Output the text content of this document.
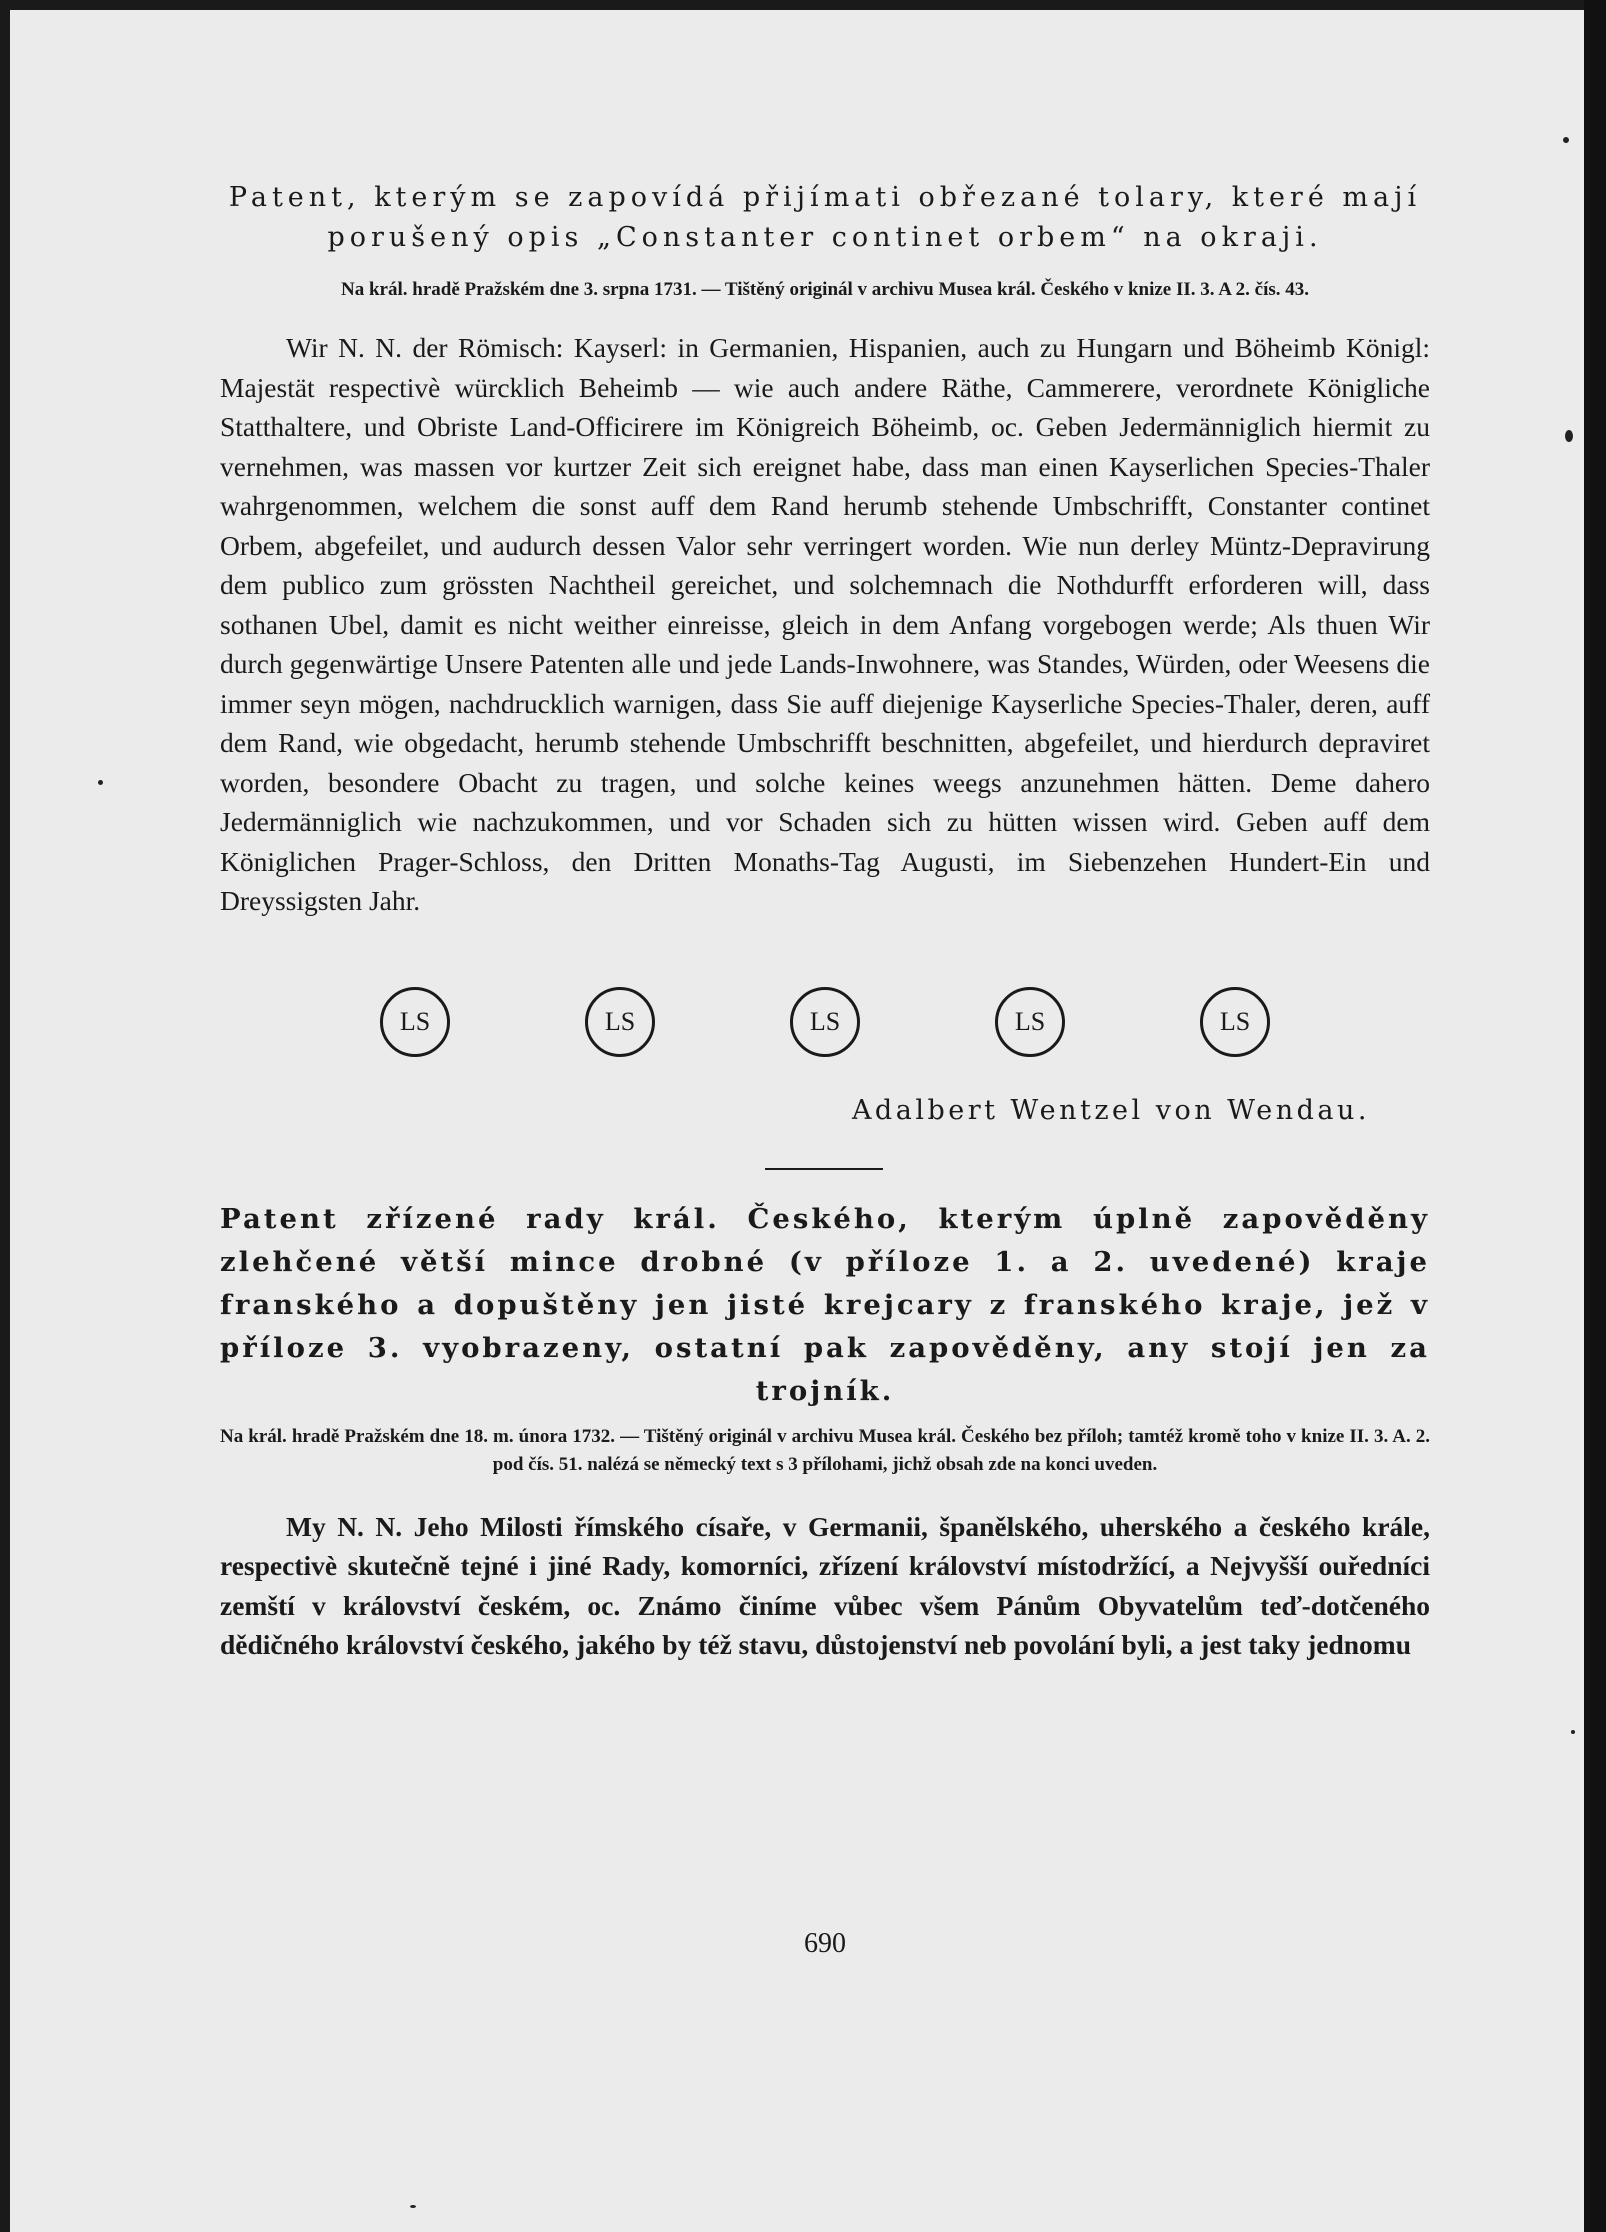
Patent, kterým se zapovídá přijímati obřezané tolary, které mají porušený opis „Constanter continet orbem“ na okraji.

Na král. hradě Pražském dne 3. srpna 1731. — Tištěný originál v archivu Musea král. Českého v knize II. 3. A 2. čís. 43.

Wir N. N. der Römisch: Kayserl: in Germanien, Hispanien, auch zu Hungarn und Böheimb Königl: Majestät respectivè würcklich Beheimb — wie auch andere Räthe, Cammerere, verordnete Königliche Statthaltere, und Obriste Land-Officirere im Königreich Böheimb, oc. Geben Jedermänniglich hiermit zu vernehmen, was massen vor kurtzer Zeit sich ereignet habe, dass man einen Kayserlichen Species-Thaler wahrgenommen, welchem die sonst auff dem Rand herumb stehende Umbschrifft, Constanter continet Orbem, abgefeilet, und audurch dessen Valor sehr verringert worden. Wie nun derley Müntz-Depravirung dem publico zum grössten Nachtheil gereichet, und solchemnach die Nothdurfft erforderen will, dass sothanen Ubel, damit es nicht weither einreisse, gleich in dem Anfang vorgebogen werde; Als thuen Wir durch gegenwärtige Unsere Patenten alle und jede Lands-Inwohnere, was Standes, Würden, oder Weesens die immer seyn mögen, nachdrucklich warnigen, dass Sie auff diejenige Kayserliche Species-Thaler, deren, auff dem Rand, wie obgedacht, herumb stehende Umbschrifft beschnitten, abgefeilet, und hierdurch depraviret worden, besondere Obacht zu tragen, und solche keines weegs anzunehmen hätten. Deme dahero Jedermänniglich wie nachzukommen, und vor Schaden sich zu hütten wissen wird. Geben auff dem Königlichen Prager-Schloss, den Dritten Monaths-Tag Augusti, im Siebenzehen Hundert-Ein und Dreyssigsten Jahr.

LS	LS	LS	LS	LS

Adalbert Wentzel von Wendau.

Patent zřízené rady král. Českého, kterým úplně zapověděny zlehčené větší mince drobné (v příloze 1. a 2. uvedené) kraje franského a dopuštěny jen jisté krejcary z franského kraje, jež v příloze 3. vyobrazeny, ostatní pak zapověděny, any stojí jen za trojník.

Na král. hradě Pražském dne 18. m. února 1732. — Tištěný originál v archivu Musea král. Českého bez příloh; tamtéž kromě toho v knize II. 3. A. 2. pod čís. 51. nalézá se německý text s 3 přílohami, jichž obsah zde na konci uveden.

My N. N. Jeho Milosti římského císaře, v Germanii, španělského, uherského a českého krále, respectivè skutečně tejné i jiné Rady, komorníci, zřízení království místodržící, a Nejvyšší ouředníci zemští v království českém, oc. Známo činíme vůbec všem Pánům Obyvatelům teď-dotčeného dědičného království českého, jakého by též stavu, důstojenství neb povolání byli, a jest taky jednomu

690
